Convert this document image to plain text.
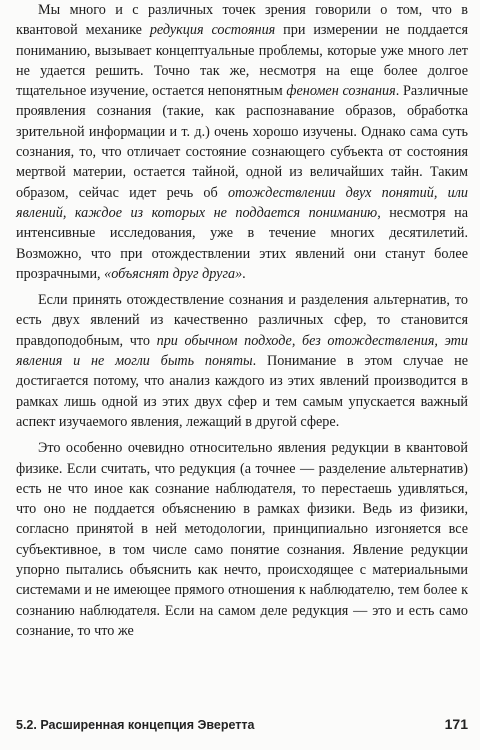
Мы много и с различных точек зрения говорили о том, что в квантовой механике редукция состояния при измерении не поддается пониманию, вызывает концептуальные проблемы, которые уже много лет не удается решить. Точно так же, несмотря на еще более долгое тщательное изучение, остается непонятным феномен сознания. Различные проявления сознания (такие, как распознавание образов, обработка зрительной информации и т. д.) очень хорошо изучены. Однако сама суть сознания, то, что отличает состояние сознающего субъекта от состояния мертвой материи, остается тайной, одной из величайших тайн. Таким образом, сейчас идет речь об отождествлении двух понятий, или явлений, каждое из которых не поддается пониманию, несмотря на интенсивные исследования, уже в течение многих десятилетий. Возможно, что при отождествлении этих явлений они станут более прозрачными, «объяснят друг друга».

Если принять отождествление сознания и разделения альтернатив, то есть двух явлений из качественно различных сфер, то становится правдоподобным, что при обычном подходе, без отождествления, эти явления и не могли быть поняты. Понимание в этом случае не достигается потому, что анализ каждого из этих явлений производится в рамках лишь одной из этих двух сфер и тем самым упускается важный аспект изучаемого явления, лежащий в другой сфере.

Это особенно очевидно относительно явления редукции в квантовой физике. Если считать, что редукция (а точнее — разделение альтернатив) есть не что иное как сознание наблюдателя, то перестаешь удивляться, что оно не поддается объяснению в рамках физики. Ведь из физики, согласно принятой в ней методологии, принципиально изгоняется все субъективное, в том числе само понятие сознания. Явление редукции упорно пытались объяснить как нечто, происходящее с материальными системами и не имеющее прямого отношения к наблюдателю, тем более к сознанию наблюдателя. Если на самом деле редукция — это и есть само сознание, то что же

5.2. Расширенная концепция Эверетта	171
